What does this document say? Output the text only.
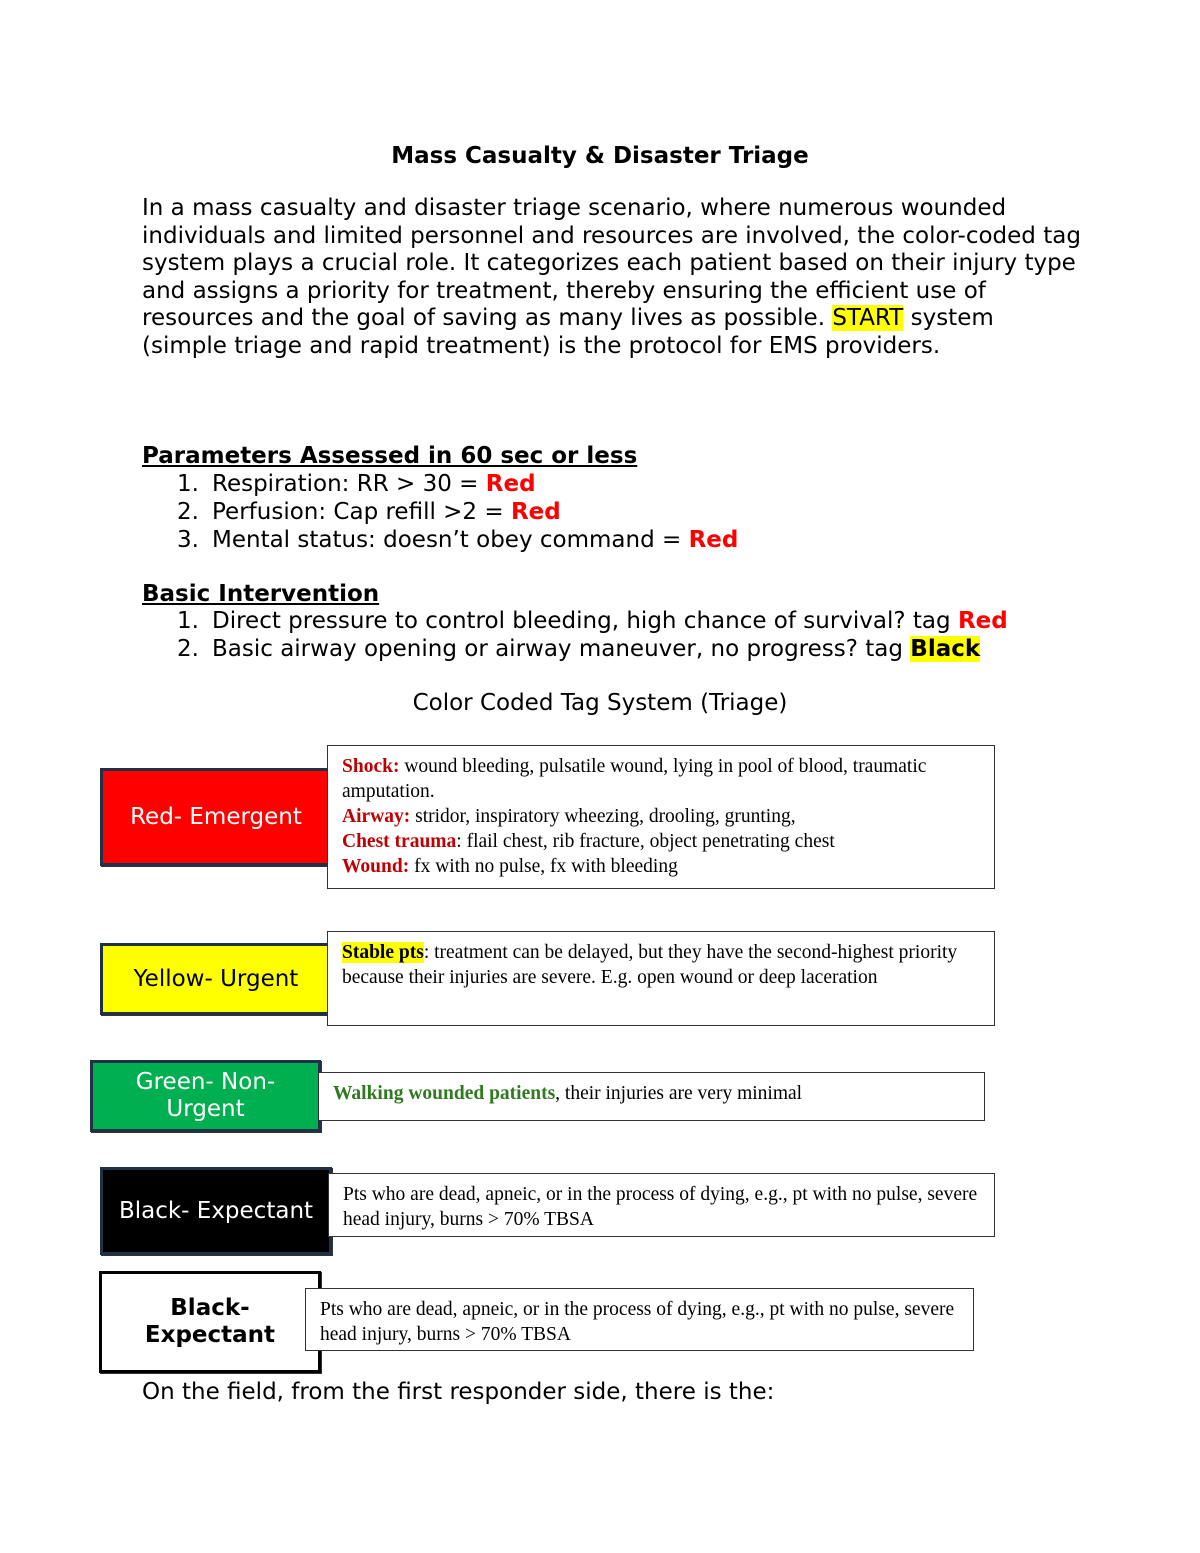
Mass Casualty & Disaster Triage
In a mass casualty and disaster triage scenario, where numerous wounded individuals and limited personnel and resources are involved, the color-coded tag system plays a crucial role. It categorizes each patient based on their injury type and assigns a priority for treatment, thereby ensuring the efficient use of resources and the goal of saving as many lives as possible. START system (simple triage and rapid treatment) is the protocol for EMS providers.
Parameters Assessed in 60 sec or less
1. Respiration: RR > 30 = Red
2. Perfusion: Cap refill >2 = Red
3. Mental status: doesn’t obey command = Red
Basic Intervention
1. Direct pressure to control bleeding, high chance of survival? tag Red
2. Basic airway opening or airway maneuver, no progress? tag Black
Color Coded Tag System (Triage)
Red- Emergent
Shock: wound bleeding, pulsatile wound, lying in pool of blood, traumatic amputation.
Airway: stridor, inspiratory wheezing, drooling, grunting,
Chest trauma: flail chest, rib fracture, object penetrating chest
Wound: fx with no pulse, fx with bleeding
Yellow- Urgent
Stable pts: treatment can be delayed, but they have the second-highest priority because their injuries are severe. E.g. open wound or deep laceration
Green- Non-Urgent
Walking wounded patients, their injuries are very minimal
Black- Expectant
Pts who are dead, apneic, or in the process of dying, e.g., pt with no pulse, severe head injury, burns > 70% TBSA
Black- Expectant
Pts who are dead, apneic, or in the process of dying, e.g., pt with no pulse, severe head injury, burns > 70% TBSA
On the field, from the first responder side, there is the:
